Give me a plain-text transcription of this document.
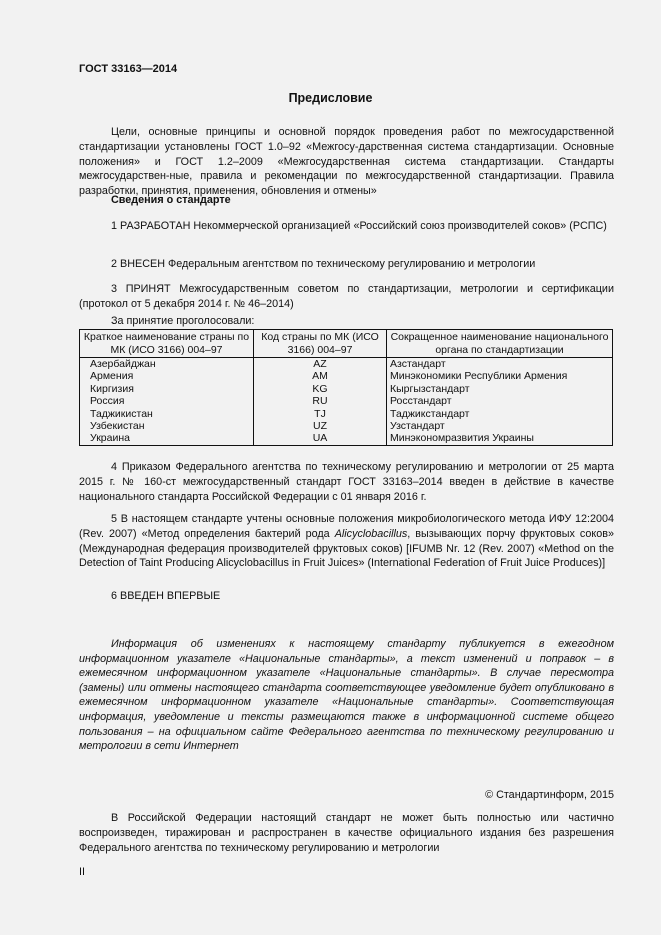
ГОСТ 33163—2014
Предисловие
Цели, основные принципы и основной порядок проведения работ по межгосударственной стандартизации установлены ГОСТ 1.0–92 «Межгосу-дарственная система стандартизации. Основные положения» и ГОСТ 1.2–2009 «Межгосударственная система стандартизации. Стандарты межгосударствен-ные, правила и рекомендации по межгосударственной стандартизации. Правила разработки, принятия, применения, обновления и отмены»
Сведения о стандарте
1 РАЗРАБОТАН Некоммерческой организацией «Российский союз производителей соков» (РСПС)
2 ВНЕСЕН Федеральным агентством по техническому регулированию и метрологии
3 ПРИНЯТ Межгосударственным советом по стандартизации, метрологии и сертификации (протокол от 5 декабря 2014 г. № 46–2014)
За принятие проголосовали:
Краткое наименование страны по МК (ИСО 3166) 004–97	Код страны по МК (ИСО 3166) 004–97	Сокращенное наименование национального органа по стандартизации
Азербайджан	AZ	Азстандарт
Армения	AM	Минэкономики Республики Армения
Киргизия	KG	Кыргызстандарт
Россия	RU	Росстандарт
Таджикистан	TJ	Таджикстандарт
Узбекистан	UZ	Узстандарт
Украина	UA	Минэкономразвития Украины
4 Приказом Федерального агентства по техническому регулированию и метрологии от 25 марта 2015 г. № 160-ст межгосударственный стандарт ГОСТ 33163–2014 введен в действие в качестве национального стандарта Российской Федерации с 01 января 2016 г.
5 В настоящем стандарте учтены основные положения микробиологического метода ИФУ 12:2004 (Rev. 2007) «Метод определения бактерий рода Alicyclobacillus, вызывающих порчу фруктовых соков» (Международная федерация производителей фруктовых соков) [IFUMB Nr. 12 (Rev. 2007) «Method on the Detection of Taint Producing Alicyclobacillus in Fruit Juices» (International Federation of Fruit Juice Produces)]
6 ВВЕДЕН ВПЕРВЫЕ
Информация об изменениях к настоящему стандарту публикуется в ежегодном информационном указателе «Национальные стандарты», а текст изменений и поправок – в ежемесячном информационном указателе «Национальные стандарты». В случае пересмотра (замены) или отмены настоящего стандарта соответствующее уведомление будет опубликовано в ежемесячном информационном указателе «Национальные стандарты». Соответствующая информация, уведомление и тексты размещаются также в информационной системе общего пользования – на официальном сайте Федерального агентства по техническому регулированию и метрологии в сети Интернет
© Стандартинформ, 2015
В Российской Федерации настоящий стандарт не может быть полностью или частично воспроизведен, тиражирован и распространен в качестве официального издания без разрешения Федерального агентства по техническому регулированию и метрологии
II
